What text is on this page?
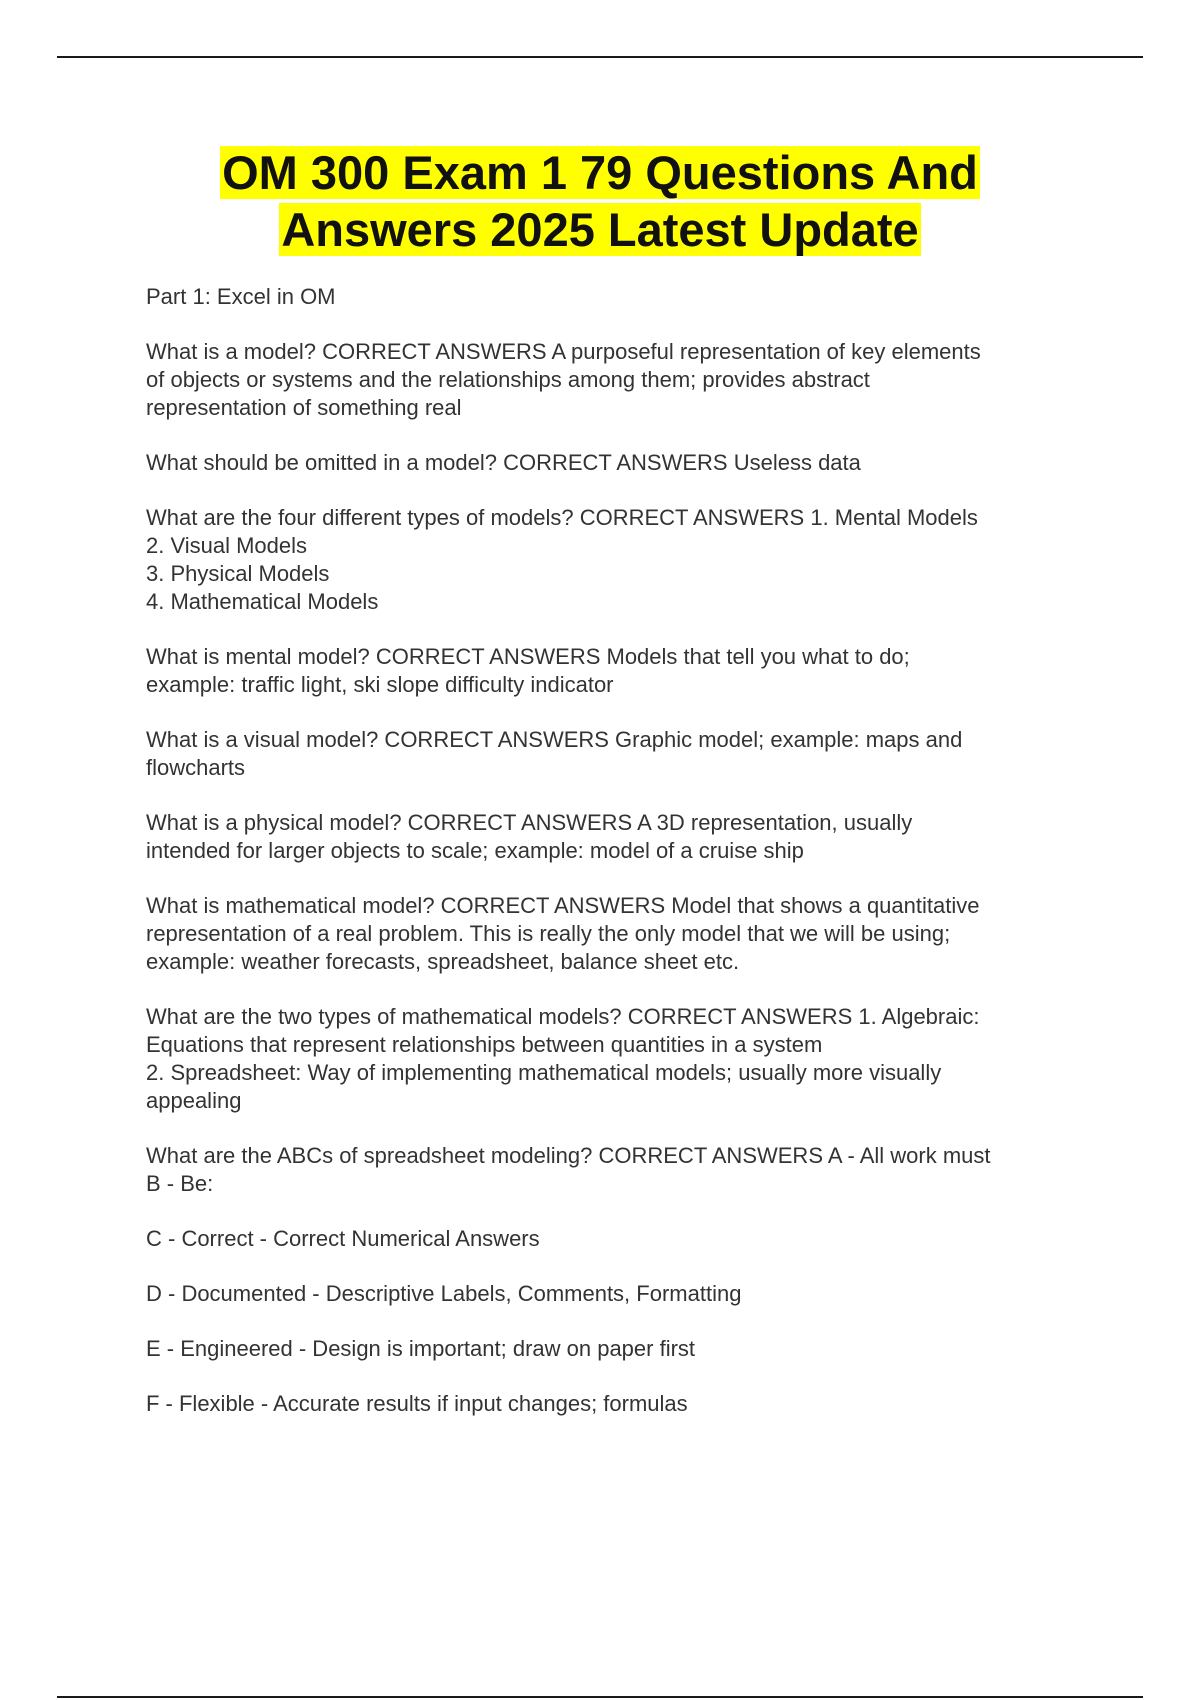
OM 300 Exam 1 79 Questions And
Answers 2025 Latest Update

Part 1: Excel in OM

What is a model? CORRECT ANSWERS A purposeful representation of key elements
of objects or systems and the relationships among them; provides abstract
representation of something real

What should be omitted in a model? CORRECT ANSWERS Useless data

What are the four different types of models? CORRECT ANSWERS 1. Mental Models
2. Visual Models
3. Physical Models
4. Mathematical Models

What is mental model? CORRECT ANSWERS Models that tell you what to do;
example: traffic light, ski slope difficulty indicator

What is a visual model? CORRECT ANSWERS Graphic model; example: maps and
flowcharts

What is a physical model? CORRECT ANSWERS A 3D representation, usually
intended for larger objects to scale; example: model of a cruise ship

What is mathematical model? CORRECT ANSWERS Model that shows a quantitative
representation of a real problem. This is really the only model that we will be using;
example: weather forecasts, spreadsheet, balance sheet etc.

What are the two types of mathematical models? CORRECT ANSWERS 1. Algebraic:
Equations that represent relationships between quantities in a system
2. Spreadsheet: Way of implementing mathematical models; usually more visually
appealing

What are the ABCs of spreadsheet modeling? CORRECT ANSWERS A - All work must
B - Be:

C - Correct - Correct Numerical Answers

D - Documented - Descriptive Labels, Comments, Formatting

E - Engineered - Design is important; draw on paper first

F - Flexible - Accurate results if input changes; formulas
